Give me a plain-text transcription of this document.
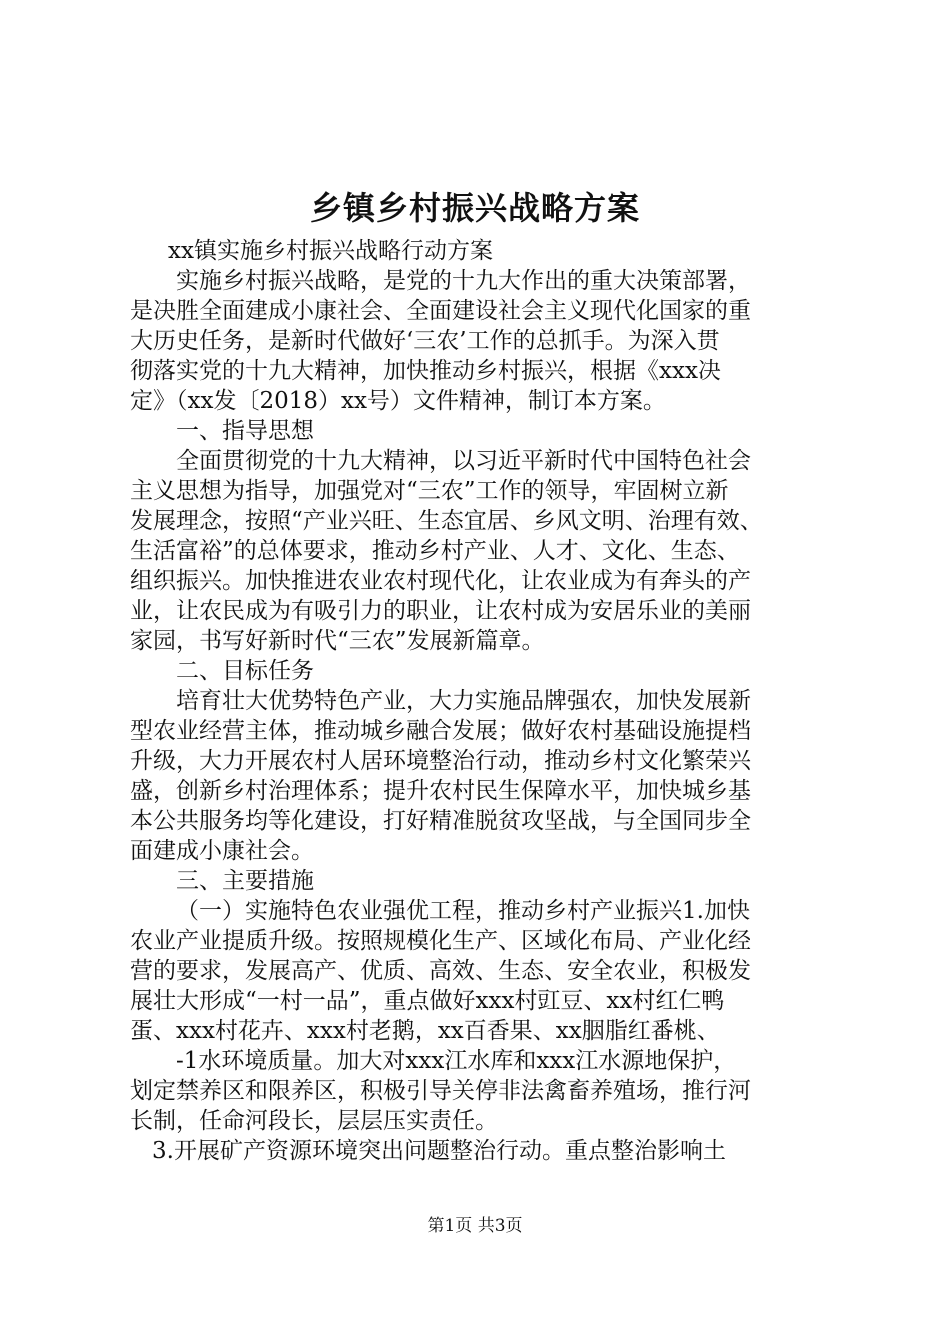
乡镇乡村振兴战略方案

xx镇实施乡村振兴战略行动方案

实施乡村振兴战略，是党的十九大作出的重大决策部署，

是决胜全面建成小康社会、全面建设社会主义现代化国家的重

大历史任务，是新时代做好‘三农’工作的总抓手。为深入贯

彻落实党的十九大精神，加快推动乡村振兴，根据《xxx决

定》（xx发〔2018）xx号）文件精神，制订本方案。

一、指导思想

全面贯彻党的十九大精神，以习近平新时代中国特色社会

主义思想为指导，加强党对“三农”工作的领导，牢固树立新

发展理念，按照“产业兴旺、生态宜居、乡风文明、治理有效、

生活富裕”的总体要求，推动乡村产业、人才、文化、生态、

组织振兴。加快推进农业农村现代化，让农业成为有奔头的产

业，让农民成为有吸引力的职业，让农村成为安居乐业的美丽

家园，书写好新时代“三农”发展新篇章。

二、目标任务

培育壮大优势特色产业，大力实施品牌强农，加快发展新

型农业经营主体，推动城乡融合发展；做好农村基础设施提档

升级，大力开展农村人居环境整治行动，推动乡村文化繁荣兴

盛，创新乡村治理体系；提升农村民生保障水平，加快城乡基

本公共服务均等化建设，打好精准脱贫攻坚战，与全国同步全

面建成小康社会。

三、主要措施

（一）实施特色农业强优工程，推动乡村产业振兴1.加快

农业产业提质升级。按照规模化生产、区域化布局、产业化经

营的要求，发展高产、优质、高效、生态、安全农业，积极发

展壮大形成“一村一品”，重点做好xxx村豇豆、xx村红仁鸭

蛋、xxx村花卉、xxx村老鹅，xx百香果、xx胭脂红番桃、

-1水环境质量。加大对xxx江水库和xxx江水源地保护，

划定禁养区和限养区，积极引导关停非法禽畜养殖场，推行河

长制，任命河段长，层层压实责任。

3.开展矿产资源环境突出问题整治行动。重点整治影响土

第1页 共3页
